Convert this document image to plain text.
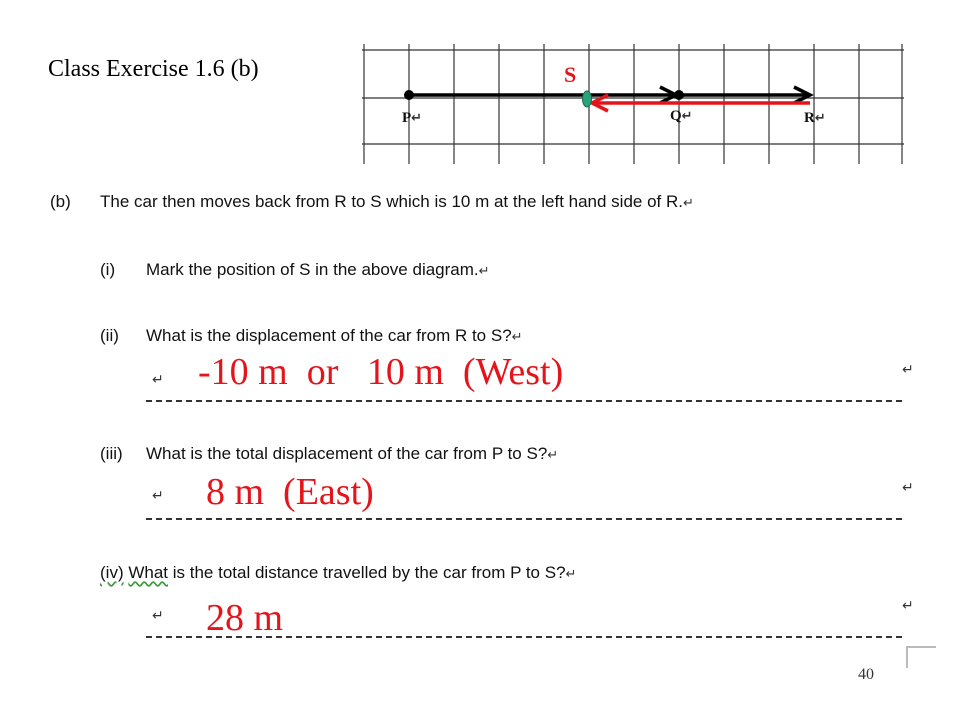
Class Exercise 1.6 (b)	S
P↵	Q↵	R↵
(b) The car then moves back from R to S which is 10 m at the left hand side of R.↵
(i) Mark the position of S in the above diagram.↵
(ii) What is the displacement of the car from R to S?↵
↵ -10 m  or   10 m  (West)	↵
(iii) What is the total displacement of the car from P to S?↵
↵ 8 m  (East)	↵
(iv) What is the total distance travelled by the car from P to S?↵
↵ 28 m	↵
40
